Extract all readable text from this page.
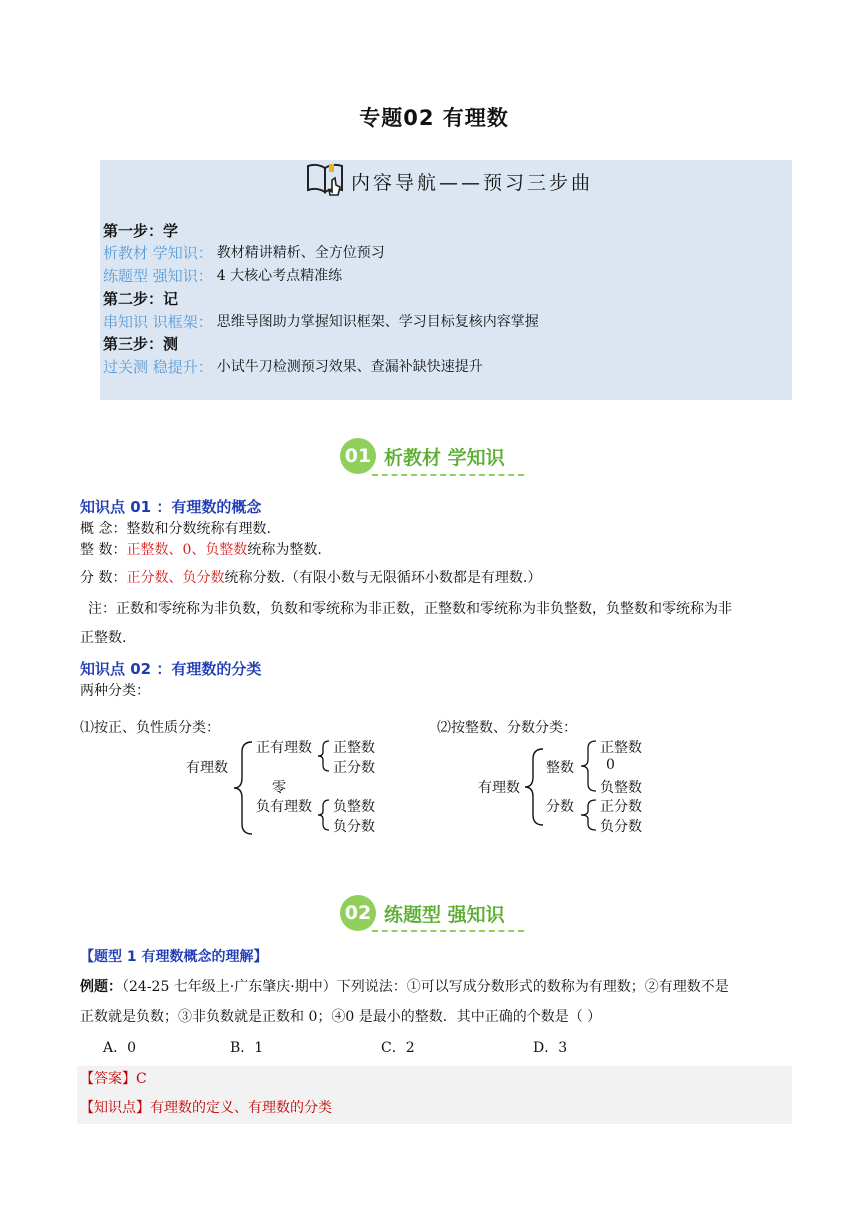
专题02 有理数
内容导航——预习三步曲
第一步：学
析教材 学知识： 教材精讲精析、全方位预习
练题型 强知识： 4 大核心考点精准练
第二步：记
串知识 识框架： 思维导图助力掌握知识框架、学习目标复核内容掌握
第三步：测
过关测 稳提升： 小试牛刀检测预习效果、查漏补缺快速提升
01 析教材 学知识
知识点 01 ：有理数的概念
概 念：整数和分数统称有理数.
整 数：正整数、0、负整数统称为整数.
分 数：正分数、负分数统称分数.（有限小数与无限循环小数都是有理数.）
注：正数和零统称为非负数，负数和零统称为非正数，正整数和零统称为非负整数，负整数和零统称为非
正整数.
知识点 02 ：有理数的分类
两种分类：
⑴按正、负性质分类：
有理数
正有理数 正整数
正分数
零
负有理数 负整数
负分数
⑵按整数、分数分类：
有理数
整数
正整数
0
负整数
分数 正分数
负分数
02 练题型 强知识
【题型 1 有理数概念的理解】
例题：（24-25 七年级上·广东肇庆·期中）下列说法：①可以写成分数形式的数称为有理数；②有理数不是
正数就是负数；③非负数就是正数和 0；④0 是最小的整数．其中正确的个数是（ ）
A．0	B．1	C．2	D．3
【答案】C
【知识点】有理数的定义、有理数的分类
